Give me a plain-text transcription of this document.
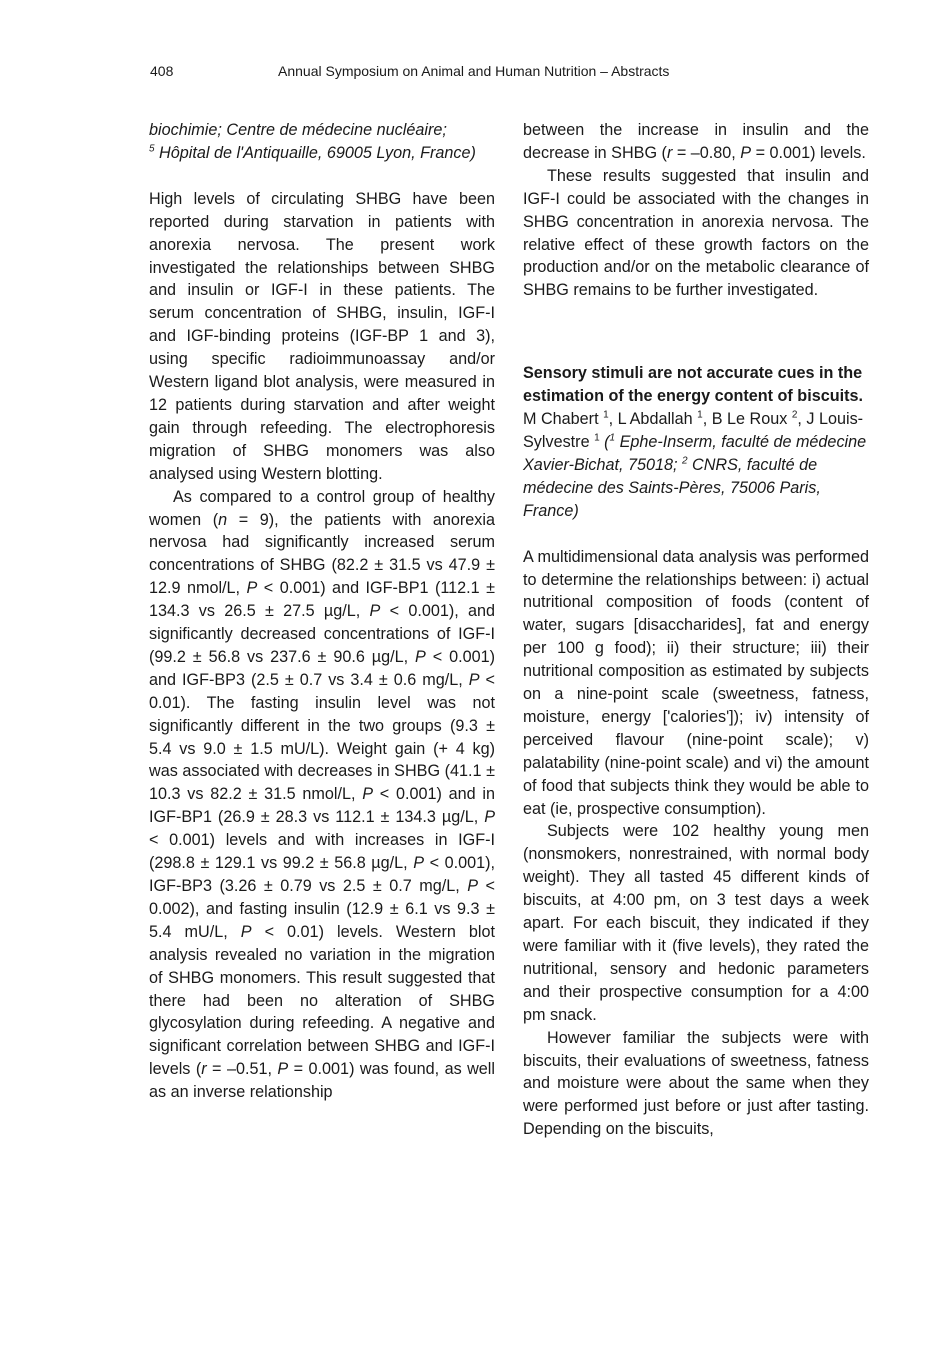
408	Annual Symposium on Animal and Human Nutrition – Abstracts

biochimie; Centre de médecine nucléaire;
$^5$ Hôpital de l'Antiquaille, 69005 Lyon, France)

High levels of circulating SHBG have been reported during starvation in patients with anorexia nervosa. The present work investigated the relationships between SHBG and insulin or IGF-I in these patients. The serum concentration of SHBG, insulin, IGF-I and IGF-binding proteins (IGF-BP 1 and 3), using specific radioimmunoassay and/or Western ligand blot analysis, were measured in 12 patients during starvation and after weight gain through refeeding. The electrophoresis migration of SHBG monomers was also analysed using Western blotting.

As compared to a control group of healthy women (n = 9), the patients with anorexia nervosa had significantly increased serum concentrations of SHBG (82.2 ± 31.5 vs 47.9 ± 12.9 nmol/L, P < 0.001) and IGF-BP1 (112.1 ± 134.3 vs 26.5 ± 27.5 µg/L, P < 0.001), and significantly decreased concentrations of IGF-I (99.2 ± 56.8 vs 237.6 ± 90.6 µg/L, P < 0.001) and IGF-BP3 (2.5 ± 0.7 vs 3.4 ± 0.6 mg/L, P < 0.01). The fasting insulin level was not significantly different in the two groups (9.3 ± 5.4 vs 9.0 ± 1.5 mU/L). Weight gain (+ 4 kg) was associated with decreases in SHBG (41.1 ± 10.3 vs 82.2 ± 31.5 nmol/L, P < 0.001) and in IGF-BP1 (26.9 ± 28.3 vs 112.1 ± 134.3 µg/L, P < 0.001) levels and with increases in IGF-I (298.8 ± 129.1 vs 99.2 ± 56.8 µg/L, P < 0.001), IGF-BP3 (3.26 ± 0.79 vs 2.5 ± 0.7 mg/L, P < 0.002), and fasting insulin (12.9 ± 6.1 vs 9.3 ± 5.4 mU/L, P < 0.01) levels. Western blot analysis revealed no variation in the migration of SHBG monomers. This result suggested that there had been no alteration of SHBG glycosylation during refeeding. A negative and significant correlation between SHBG and IGF-I levels (r = –0.51, P = 0.001) was found, as well as an inverse relationship

between the increase in insulin and the decrease in SHBG (r = –0.80, P = 0.001) levels.

These results suggested that insulin and IGF-I could be associated with the changes in SHBG concentration in anorexia nervosa. The relative effect of these growth factors on the production and/or on the metabolic clearance of SHBG remains to be further investigated.

Sensory stimuli are not accurate cues in the estimation of the energy content of biscuits. M Chabert $^1$, L Abdallah $^1$, B Le Roux $^2$, J Louis-Sylvestre $^1$ ($^1$ Ephe-Inserm, faculté de médecine Xavier-Bichat, 75018; $^2$ CNRS, faculté de médecine des Saints-Pères, 75006 Paris, France)

A multidimensional data analysis was performed to determine the relationships between: i) actual nutritional composition of foods (content of water, sugars [disaccharides], fat and energy per 100 g food); ii) their structure; iii) their nutritional composition as estimated by subjects on a nine-point scale (sweetness, fatness, moisture, energy ['calories']); iv) intensity of perceived flavour (nine-point scale); v) palatability (nine-point scale) and vi) the amount of food that subjects think they would be able to eat (ie, prospective consumption).

Subjects were 102 healthy young men (nonsmokers, nonrestrained, with normal body weight). They all tasted 45 different kinds of biscuits, at 4:00 pm, on 3 test days a week apart. For each biscuit, they indicated if they were familiar with it (five levels), they rated the nutritional, sensory and hedonic parameters and their prospective consumption for a 4:00 pm snack.

However familiar the subjects were with biscuits, their evaluations of sweetness, fatness and moisture were about the same when they were performed just before or just after tasting. Depending on the biscuits,
